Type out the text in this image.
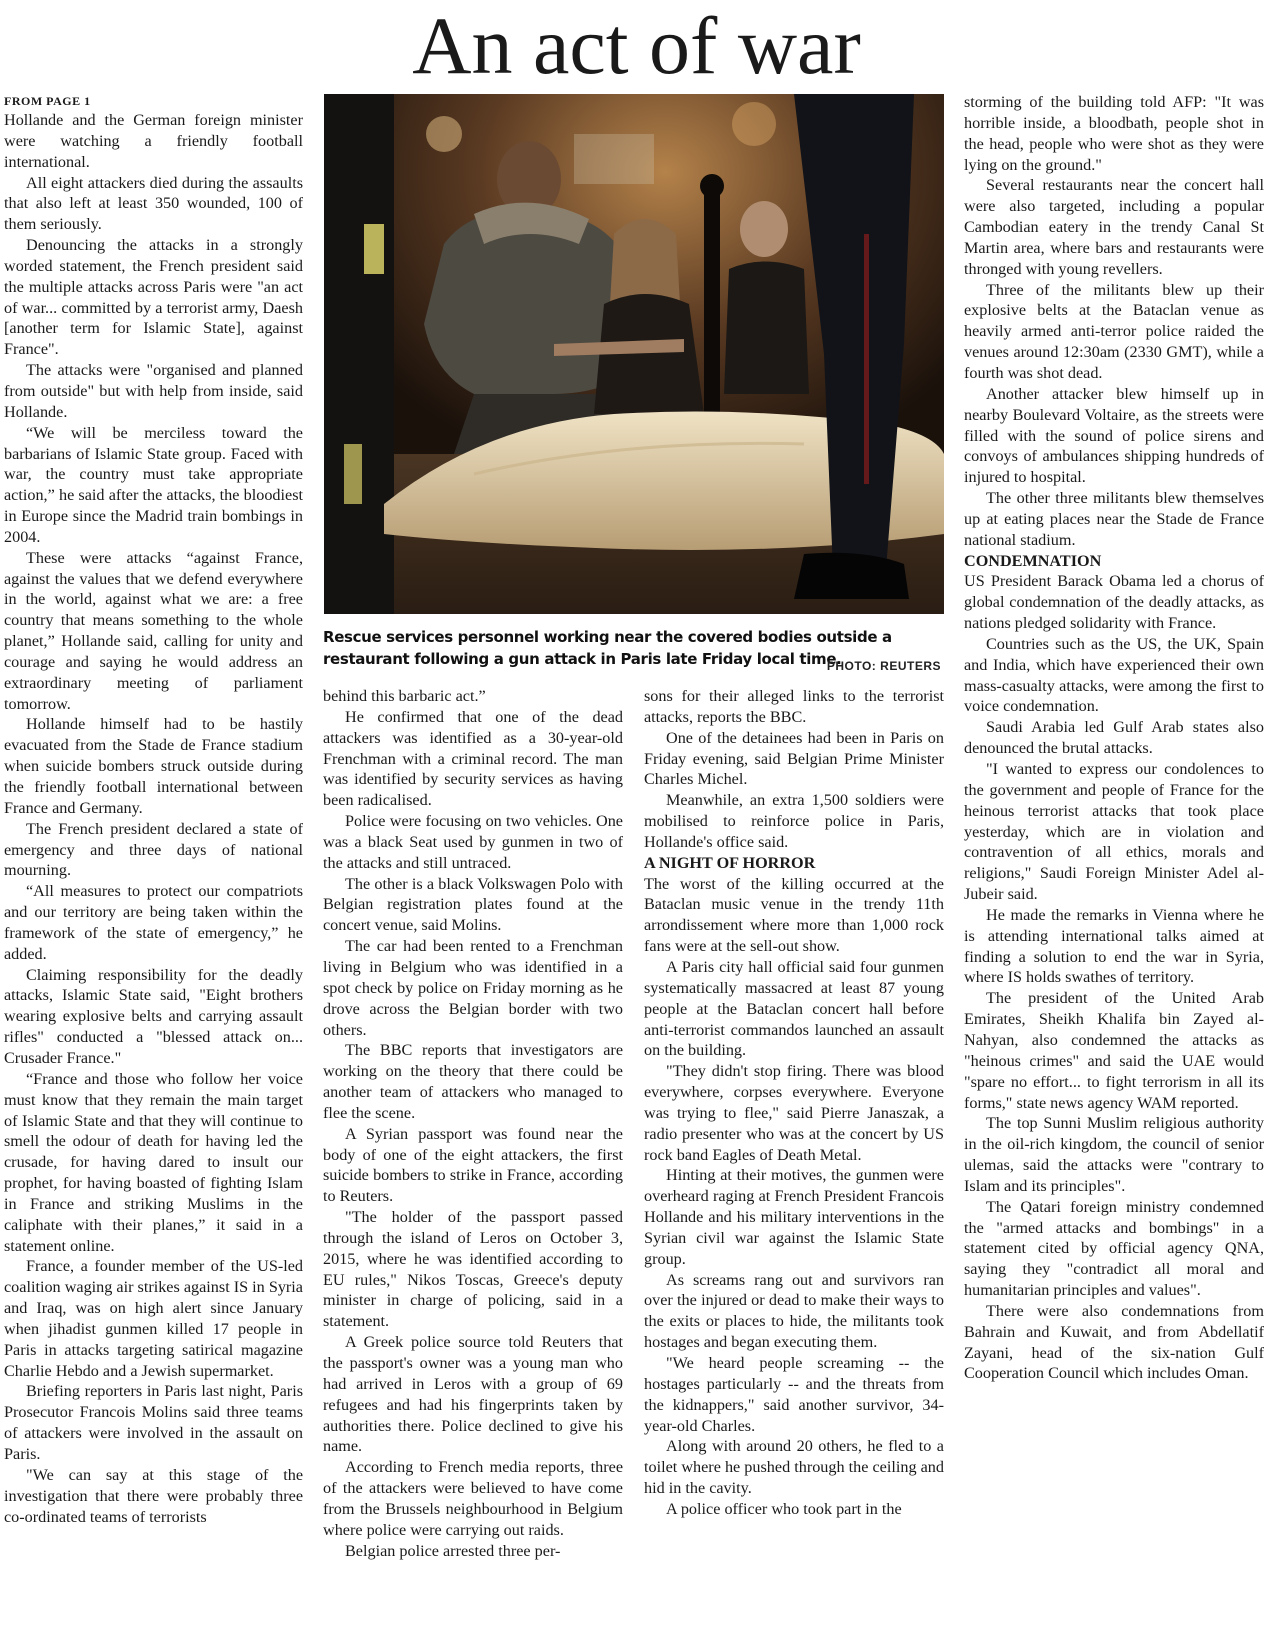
An act of war
FROM PAGE 1

Hollande and the German foreign minister were watching a friendly football international.

All eight attackers died during the assaults that also left at least 350 wounded, 100 of them seriously.

Denouncing the attacks in a strongly worded statement, the French president said the multiple attacks across Paris were "an act of war... committed by a terrorist army, Daesh [another term for Islamic State], against France".

The attacks were "organised and planned from outside" but with help from inside, said Hollande.

“We will be merciless toward the barbarians of Islamic State group. Faced with war, the country must take appropriate action,” he said after the attacks, the bloodiest in Europe since the Madrid train bombings in 2004.

These were attacks “against France, against the values that we defend everywhere in the world, against what we are: a free country that means something to the whole planet,” Hollande said, calling for unity and courage and saying he would address an extraordinary meeting of parliament tomorrow.

Hollande himself had to be hastily evacuated from the Stade de France stadium when suicide bombers struck outside during the friendly football international between France and Germany.

The French president declared a state of emergency and three days of national mourning.

“All measures to protect our compatriots and our territory are being taken within the framework of the state of emergency,” he added.

Claiming responsibility for the deadly attacks, Islamic State said, "Eight brothers wearing explosive belts and carrying assault rifles" conducted a "blessed attack on... Crusader France."

“France and those who follow her voice must know that they remain the main target of Islamic State and that they will continue to smell the odour of death for having led the crusade, for having dared to insult our prophet, for having boasted of fighting Islam in France and striking Muslims in the caliphate with their planes,” it said in a statement online.

France, a founder member of the US-led coalition waging air strikes against IS in Syria and Iraq, was on high alert since January when jihadist gunmen killed 17 people in Paris in attacks targeting satirical magazine Charlie Hebdo and a Jewish supermarket.

Briefing reporters in Paris last night, Paris Prosecutor Francois Molins said three teams of attackers were involved in the assault on Paris.

"We can say at this stage of the investigation that there were probably three co-ordinated teams of terrorists

Rescue services personnel working near the covered bodies outside a restaurant following a gun attack in Paris late Friday local time.
PHOTO: REUTERS

behind this barbaric act.”

He confirmed that one of the dead attackers was identified as a 30-year-old Frenchman with a criminal record. The man was identified by security services as having been radicalised.

Police were focusing on two vehicles. One was a black Seat used by gunmen in two of the attacks and still untraced.

The other is a black Volkswagen Polo with Belgian registration plates found at the concert venue, said Molins.

The car had been rented to a Frenchman living in Belgium who was identified in a spot check by police on Friday morning as he drove across the Belgian border with two others.

The BBC reports that investigators are working on the theory that there could be another team of attackers who managed to flee the scene.

A Syrian passport was found near the body of one of the eight attackers, the first suicide bombers to strike in France, according to Reuters.

"The holder of the passport passed through the island of Leros on October 3, 2015, where he was identified according to EU rules," Nikos Toscas, Greece's deputy minister in charge of policing, said in a statement.

A Greek police source told Reuters that the passport's owner was a young man who had arrived in Leros with a group of 69 refugees and had his fingerprints taken by authorities there. Police declined to give his name.

According to French media reports, three of the attackers were believed to have come from the Brussels neighbourhood in Belgium where police were carrying out raids.

Belgian police arrested three per-

sons for their alleged links to the terrorist attacks, reports the BBC.

One of the detainees had been in Paris on Friday evening, said Belgian Prime Minister Charles Michel.

Meanwhile, an extra 1,500 soldiers were mobilised to reinforce police in Paris, Hollande's office said.

A NIGHT OF HORROR

The worst of the killing occurred at the Bataclan music venue in the trendy 11th arrondissement where more than 1,000 rock fans were at the sell-out show.

A Paris city hall official said four gunmen systematically massacred at least 87 young people at the Bataclan concert hall before anti-terrorist commandos launched an assault on the building.

"They didn't stop firing. There was blood everywhere, corpses everywhere. Everyone was trying to flee," said Pierre Janaszak, a radio presenter who was at the concert by US rock band Eagles of Death Metal.

Hinting at their motives, the gunmen were overheard raging at French President Francois Hollande and his military interventions in the Syrian civil war against the Islamic State group.

As screams rang out and survivors ran over the injured or dead to make their ways to the exits or places to hide, the militants took hostages and began executing them.

"We heard people screaming -- the hostages particularly -- and the threats from the kidnappers," said another survivor, 34-year-old Charles.

Along with around 20 others, he fled to a toilet where he pushed through the ceiling and hid in the cavity.

A police officer who took part in the

storming of the building told AFP: "It was horrible inside, a bloodbath, people shot in the head, people who were shot as they were lying on the ground."

Several restaurants near the concert hall were also targeted, including a popular Cambodian eatery in the trendy Canal St Martin area, where bars and restaurants were thronged with young revellers.

Three of the militants blew up their explosive belts at the Bataclan venue as heavily armed anti-terror police raided the venues around 12:30am (2330 GMT), while a fourth was shot dead.

Another attacker blew himself up in nearby Boulevard Voltaire, as the streets were filled with the sound of police sirens and convoys of ambulances shipping hundreds of injured to hospital.

The other three militants blew themselves up at eating places near the Stade de France national stadium.

CONDEMNATION

US President Barack Obama led a chorus of global condemnation of the deadly attacks, as nations pledged solidarity with France.

Countries such as the US, the UK, Spain and India, which have experienced their own mass-casualty attacks, were among the first to voice condemnation.

Saudi Arabia led Gulf Arab states also denounced the brutal attacks.

"I wanted to express our condolences to the government and people of France for the heinous terrorist attacks that took place yesterday, which are in violation and contravention of all ethics, morals and religions," Saudi Foreign Minister Adel al-Jubeir said.

He made the remarks in Vienna where he is attending international talks aimed at finding a solution to end the war in Syria, where IS holds swathes of territory.

The president of the United Arab Emirates, Sheikh Khalifa bin Zayed al-Nahyan, also condemned the attacks as "heinous crimes" and said the UAE would "spare no effort... to fight terrorism in all its forms," state news agency WAM reported.

The top Sunni Muslim religious authority in the oil-rich kingdom, the council of senior ulemas, said the attacks were "contrary to Islam and its principles".

The Qatari foreign ministry condemned the "armed attacks and bombings" in a statement cited by official agency QNA, saying they "contradict all moral and humanitarian principles and values".

There were also condemnations from Bahrain and Kuwait, and from Abdellatif Zayani, head of the six-nation Gulf Cooperation Council which includes Oman.
